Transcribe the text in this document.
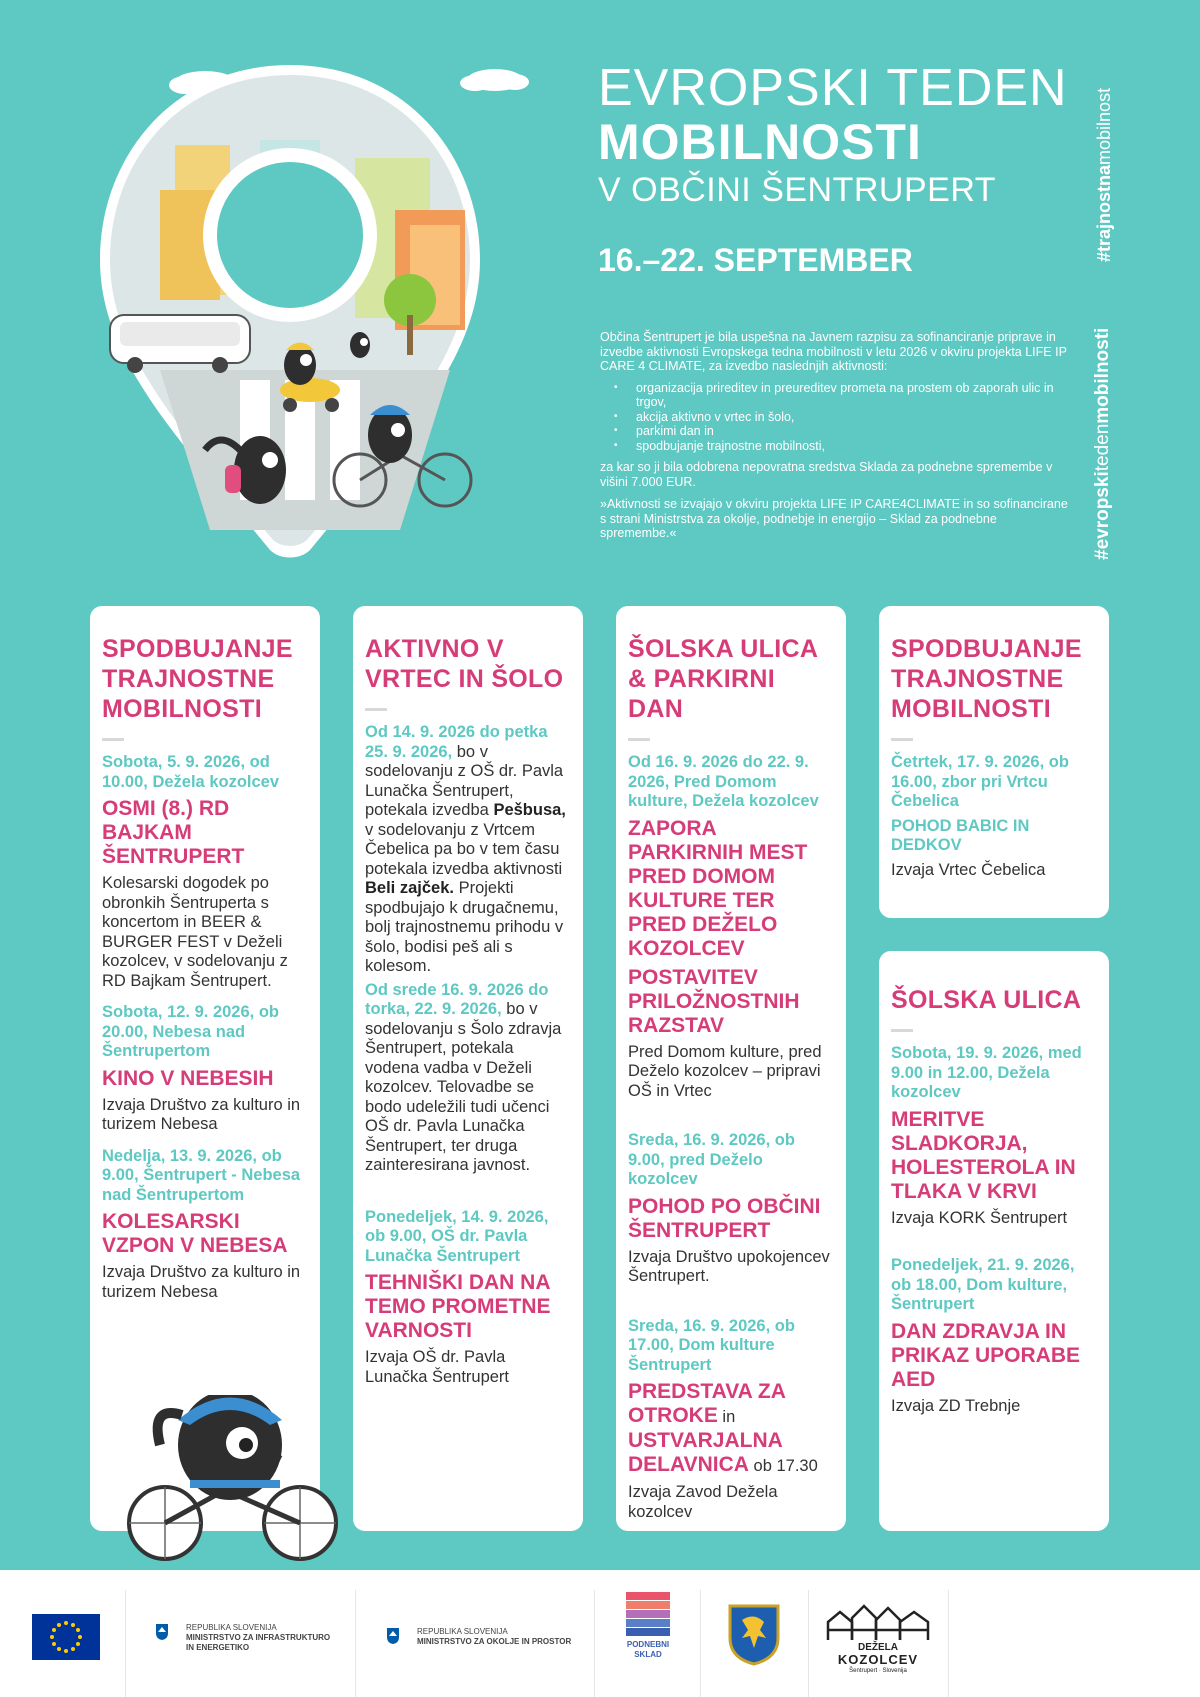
EVROPSKI TEDEN
MOBILNOSTI
V OBČINI ŠENTRUPERT
16.–22. SEPTEMBER	#trajnostnamobilnost
#evropskitedenmobilnosti

Občina Šentrupert je bila uspešna na Javnem razpisu za sofinanciranje priprave in izvedbe aktivnosti Evropskega tedna mobilnosti v letu 2026 v okviru projekta LIFE IP CARE 4 CLIMATE, za izvedbo naslednjih aktivnosti:

• organizacija prireditev in preureditev prometa na prostem ob zaporah ulic in trgov,
• akcija aktivno v vrtec in šolo,
• parkimi dan in
• spodbujanje trajnostne mobilnosti,

za kar so ji bila odobrena nepovratna sredstva Sklada za podnebne spremembe v višini 7.000 EUR.

»Aktivnosti se izvajajo v okviru projekta LIFE IP CARE4CLIMATE in so sofinancirane s strani Ministrstva za okolje, podnebje in energijo – Sklad za podnebne spremembe.«

SPODBUJANJE TRAJNOSTNE MOBILNOSTI
Sobota, 5. 9. 2026, od 10.00, Dežela kozolcev
OSMI (8.) RD BAJKAM ŠENTRUPERT
Kolesarski dogodek po obronkih Šentruperta s koncertom in BEER & BURGER FEST v Deželi kozolcev, v sodelovanju z RD Bajkam Šentrupert.
Sobota, 12. 9. 2026, ob 20.00, Nebesa nad Šentrupertom
KINO V NEBESIH
Izvaja Društvo za kulturo in turizem Nebesa
Nedelja, 13. 9. 2026, ob 9.00, Šentrupert - Nebesa nad Šentrupertom
KOLESARSKI VZPON V NEBESA
Izvaja Društvo za kulturo in turizem Nebesa
AKTIVNO V VRTEC IN ŠOLO
Od 14. 9. 2026 do petka 25. 9. 2026, bo v sodelovanju z OŠ dr. Pavla Lunačka Šentrupert, potekala izvedba Pešbusa, v sodelovanju z Vrtcem Čebelica pa bo v tem času potekala izvedba aktivnosti Beli zajček. Projekti spodbujajo k drugačnemu, bolj trajnostnemu prihodu v šolo, bodisi peš ali s kolesom.
Od srede 16. 9. 2026 do torka, 22. 9. 2026, bo v sodelovanju s Šolo zdravja Šentrupert, potekala vodena vadba v Deželi kozolcev. Telovadbe se bodo udeležili tudi učenci OŠ dr. Pavla Lunačka Šentrupert, ter druga zainteresirana javnost.
Ponedeljek, 14. 9. 2026, ob 9.00, OŠ dr. Pavla Lunačka Šentrupert
TEHNIŠKI DAN NA TEMO PROMETNE VARNOSTI
Izvaja OŠ dr. Pavla Lunačka Šentrupert
ŠOLSKA ULICA & PARKIRNI DAN
Od 16. 9. 2026 do 22. 9. 2026, Pred Domom kulture, Dežela kozolcev
ZAPORA PARKIRNIH MEST PRED DOMOM KULTURE TER PRED DEŽELO KOZOLCEV
POSTAVITEV PRILOŽNOSTNIH RAZSTAV
Pred Domom kulture, pred Deželo kozolcev – pripravi OŠ in Vrtec
Sreda, 16. 9. 2026, ob 9.00, pred Deželo kozolcev
POHOD PO OBČINI ŠENTRUPERT
Izvaja Društvo upokojencev Šentrupert.
Sreda, 16. 9. 2026, ob 17.00, Dom kulture Šentrupert
PREDSTAVA ZA OTROKE in USTVARJALNA DELAVNICA ob 17.30
Izvaja Zavod Dežela kozolcev
SPODBUJANJE TRAJNOSTNE MOBILNOSTI
Četrtek, 17. 9. 2026, ob 16.00, zbor pri Vrtcu Čebelica
POHOD BABIC IN DEDKOV
Izvaja Vrtec Čebelica
ŠOLSKA ULICA
Sobota, 19. 9. 2026, med 9.00 in 12.00, Dežela kozolcev
MERITVE SLADKORJA, HOLESTEROLA IN TLAKA V KRVI
Izvaja KORK Šentrupert
Ponedeljek, 21. 9. 2026, ob 18.00, Dom kulture, Šentrupert
DAN ZDRAVJA IN PRIKAZ UPORABE AED
Izvaja ZD Trebnje
REPUBLIKA SLOVENIJA
MINISTRSTVO ZA INFRASTRUKTURO
IN ENERGETIKO
REPUBLIKA SLOVENIJA
MINISTRSTVO ZA OKOLJE IN PROSTOR	PODNEBNI
SKLAD
DEŽELA
KOZOLCEV
Šentrupert · Slovenija
